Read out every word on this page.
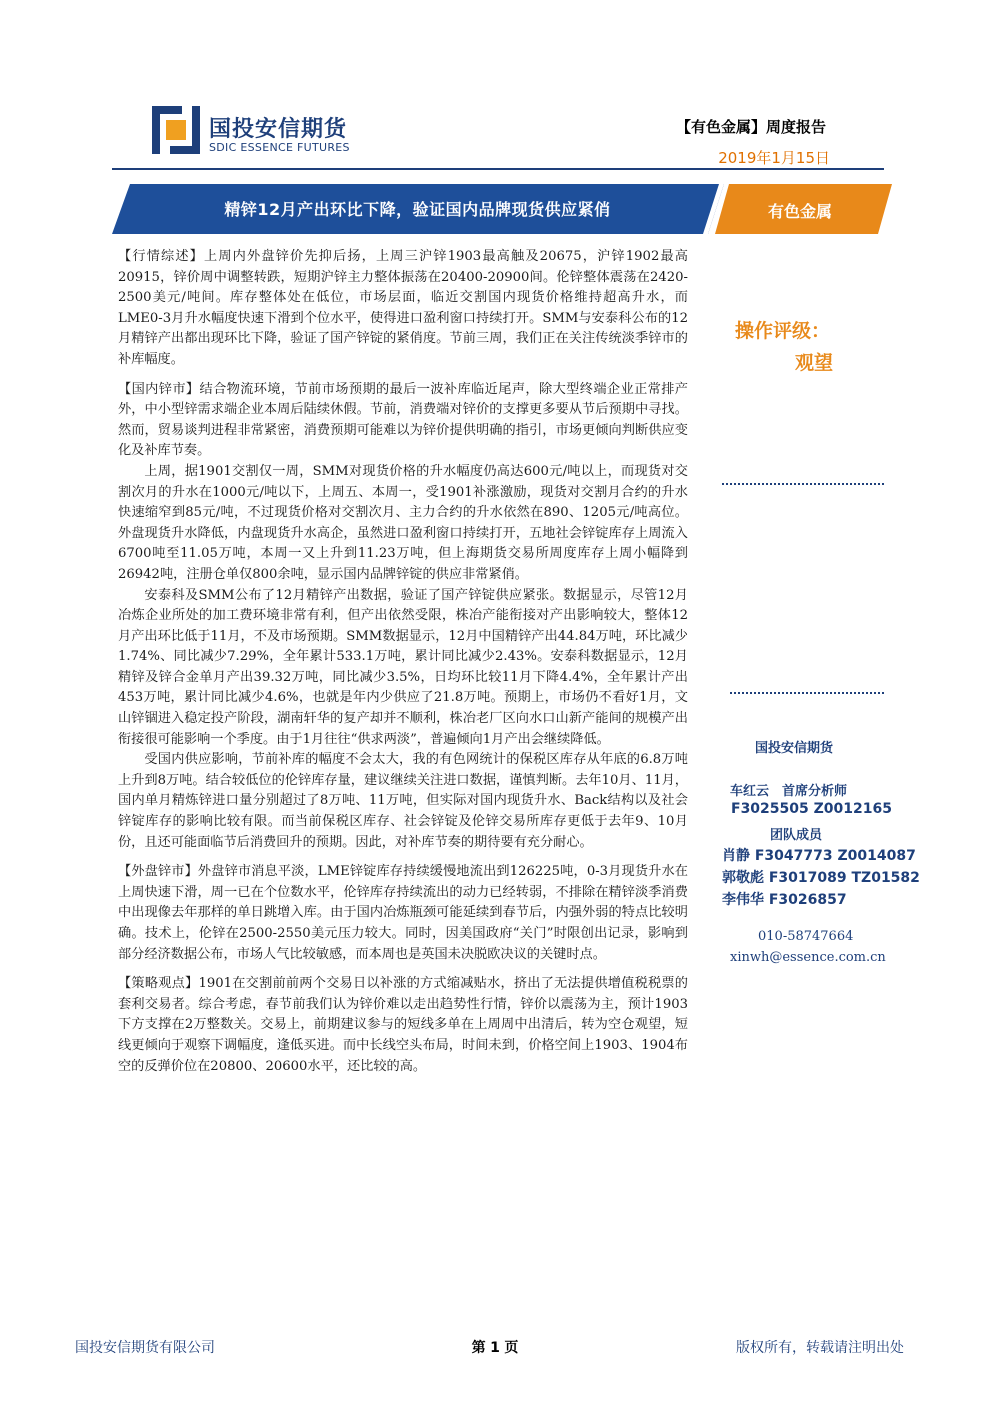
国投安信期货
SDIC ESSENCE FUTURES
【有色金属】周度报告
2019年1月15日
精锌12月产出环比下降，验证国内品牌现货供应紧俏	有色金属

【行情综述】上周内外盘锌价先抑后扬，上周三沪锌1903最高触及20675，沪锌1902最高20915，锌价周中调整转跌，短期沪锌主力整体振荡在20400-20900间。伦锌整体震荡在2420-2500美元/吨间。库存整体处在低位，市场层面，临近交割国内现货价格维持超高升水，而LME0-3月升水幅度快速下滑到个位水平，使得进口盈利窗口持续打开。SMM与安泰科公布的12月精锌产出都出现环比下降，验证了国产锌锭的紧俏度。节前三周，我们正在关注传统淡季锌市的补库幅度。

【国内锌市】结合物流环境，节前市场预期的最后一波补库临近尾声，除大型终端企业正常排产外，中小型锌需求端企业本周后陆续休假。节前，消费端对锌价的支撑更多要从节后预期中寻找。然而，贸易谈判进程非常紧密，消费预期可能难以为锌价提供明确的指引，市场更倾向判断供应变化及补库节奏。

上周，据1901交割仅一周，SMM对现货价格的升水幅度仍高达600元/吨以上，而现货对交割次月的升水在1000元/吨以下，上周五、本周一，受1901补涨激励，现货对交割月合约的升水快速缩窄到85元/吨，不过现货价格对交割次月、主力合约的升水依然在890、1205元/吨高位。外盘现货升水降低，内盘现货升水高企，虽然进口盈利窗口持续打开，五地社会锌锭库存上周流入6700吨至11.05万吨，本周一又上升到11.23万吨，但上海期货交易所周度库存上周小幅降到26942吨，注册仓单仅800余吨，显示国内品牌锌锭的供应非常紧俏。

安泰科及SMM公布了12月精锌产出数据，验证了国产锌锭供应紧张。数据显示，尽管12月冶炼企业所处的加工费环境非常有利，但产出依然受限，株冶产能衔接对产出影响较大，整体12月产出环比低于11月，不及市场预期。SMM数据显示，12月中国精锌产出44.84万吨，环比减少1.74%、同比减少7.29%，全年累计533.1万吨，累计同比减少2.43%。安泰科数据显示，12月精锌及锌合金单月产出39.32万吨，同比减少3.5%，日均环比较11月下降4.4%，全年累计产出453万吨，累计同比减少4.6%，也就是年内少供应了21.8万吨。预期上，市场仍不看好1月，文山锌锢进入稳定投产阶段，湖南轩华的复产却并不顺利，株冶老厂区向水口山新产能间的规模产出衔接很可能影响一个季度。由于1月往往“供求两淡”，普遍倾向1月产出会继续降低。

受国内供应影响，节前补库的幅度不会太大，我的有色网统计的保税区库存从年底的6.8万吨上升到8万吨。结合较低位的伦锌库存量，建议继续关注进口数据，谨慎判断。去年10月、11月，国内单月精炼锌进口量分别超过了8万吨、11万吨，但实际对国内现货升水、Back结构以及社会锌锭库存的影响比较有限。而当前保税区库存、社会锌锭及伦锌交易所库存更低于去年9、10月份，且还可能面临节后消费回升的预期。因此，对补库节奏的期待要有充分耐心。

【外盘锌市】外盘锌市消息平淡，LME锌锭库存持续缓慢地流出到126225吨，0-3月现货升水在上周快速下滑，周一已在个位数水平，伦锌库存持续流出的动力已经转弱，不排除在精锌淡季消费中出现像去年那样的单日跳增入库。由于国内冶炼瓶颈可能延续到春节后，内强外弱的特点比较明确。技术上，伦锌在2500-2550美元压力较大。同时，因美国政府“关门”时限创出记录，影响到部分经济数据公布，市场人气比较敏感，而本周也是英国未决脱欧决议的关键时点。

【策略观点】1901在交割前前两个交易日以补涨的方式缩减贴水，挤出了无法提供增值税税票的套利交易者。综合考虑，春节前我们认为锌价难以走出趋势性行情，锌价以震荡为主，预计1903下方支撑在2万整数关。交易上，前期建议参与的短线多单在上周周中出清后，转为空仓观望，短线更倾向于观察下调幅度，逢低买进。而中长线空头布局，时间未到，价格空间上1903、1904布空的反弹价位在20800、20600水平，还比较的高。

操作评级：
观望
国投安信期货
车红云　首席分析师
F3025505 Z0012165
团队成员
肖静 F3047773 Z0014087
郭敬彪 F3017089 TZ01582
李伟华 F3026857
010-58747664
xinwh@essence.com.cn
国投安信期货有限公司	第 1 页	版权所有，转载请注明出处
